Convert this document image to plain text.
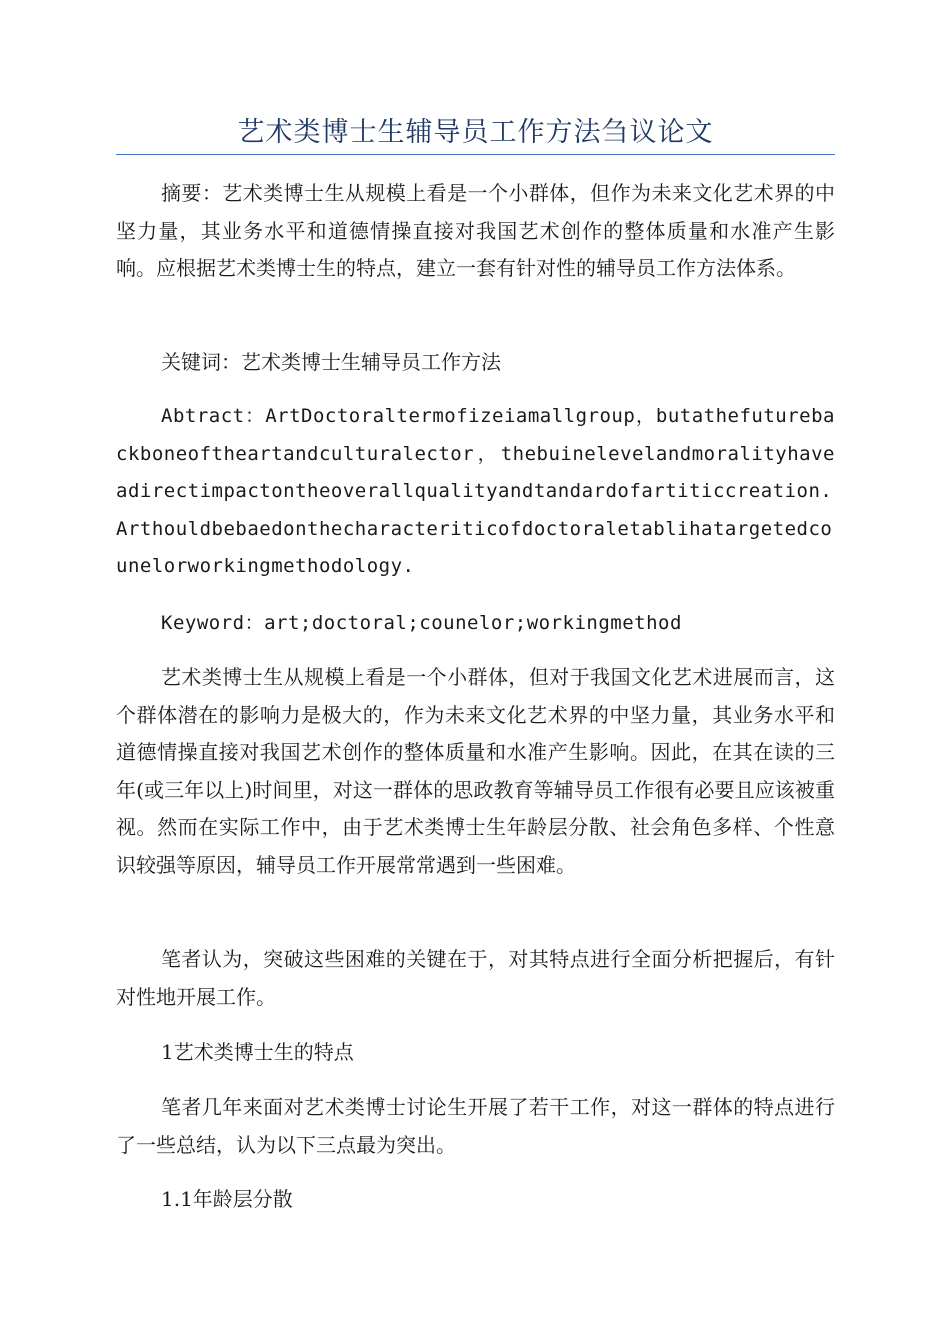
艺术类博士生辅导员工作方法刍议论文

摘要：艺术类博士生从规模上看是一个小群体，但作为未来文化艺术界的中坚力量，其业务水平和道德情操直接对我国艺术创作的整体质量和水准产生影响。应根据艺术类博士生的特点，建立一套有针对性的辅导员工作方法体系。

关键词：艺术类博士生辅导员工作方法

Abtract：ArtDoctoraltermofizeiamallgroup，butathefuturebackboneoftheartandculturalector，thebuinelevelandmoralityhaveadirectimpactontheoverallqualityandtandardofartiticcreation.Arthouldbebaedonthecharacteriticofdoctoraletablihatargetedcounelorworkingmethodology.

Keyword：art;doctoral;counelor;workingmethod

艺术类博士生从规模上看是一个小群体，但对于我国文化艺术进展而言，这个群体潜在的影响力是极大的，作为未来文化艺术界的中坚力量，其业务水平和道德情操直接对我国艺术创作的整体质量和水准产生影响。因此，在其在读的三年(或三年以上)时间里，对这一群体的思政教育等辅导员工作很有必要且应该被重视。然而在实际工作中，由于艺术类博士生年龄层分散、社会角色多样、个性意识较强等原因，辅导员工作开展常常遇到一些困难。

笔者认为，突破这些困难的关键在于，对其特点进行全面分析把握后，有针对性地开展工作。

1艺术类博士生的特点

笔者几年来面对艺术类博士讨论生开展了若干工作，对这一群体的特点进行了一些总结，认为以下三点最为突出。

1.1年龄层分散
